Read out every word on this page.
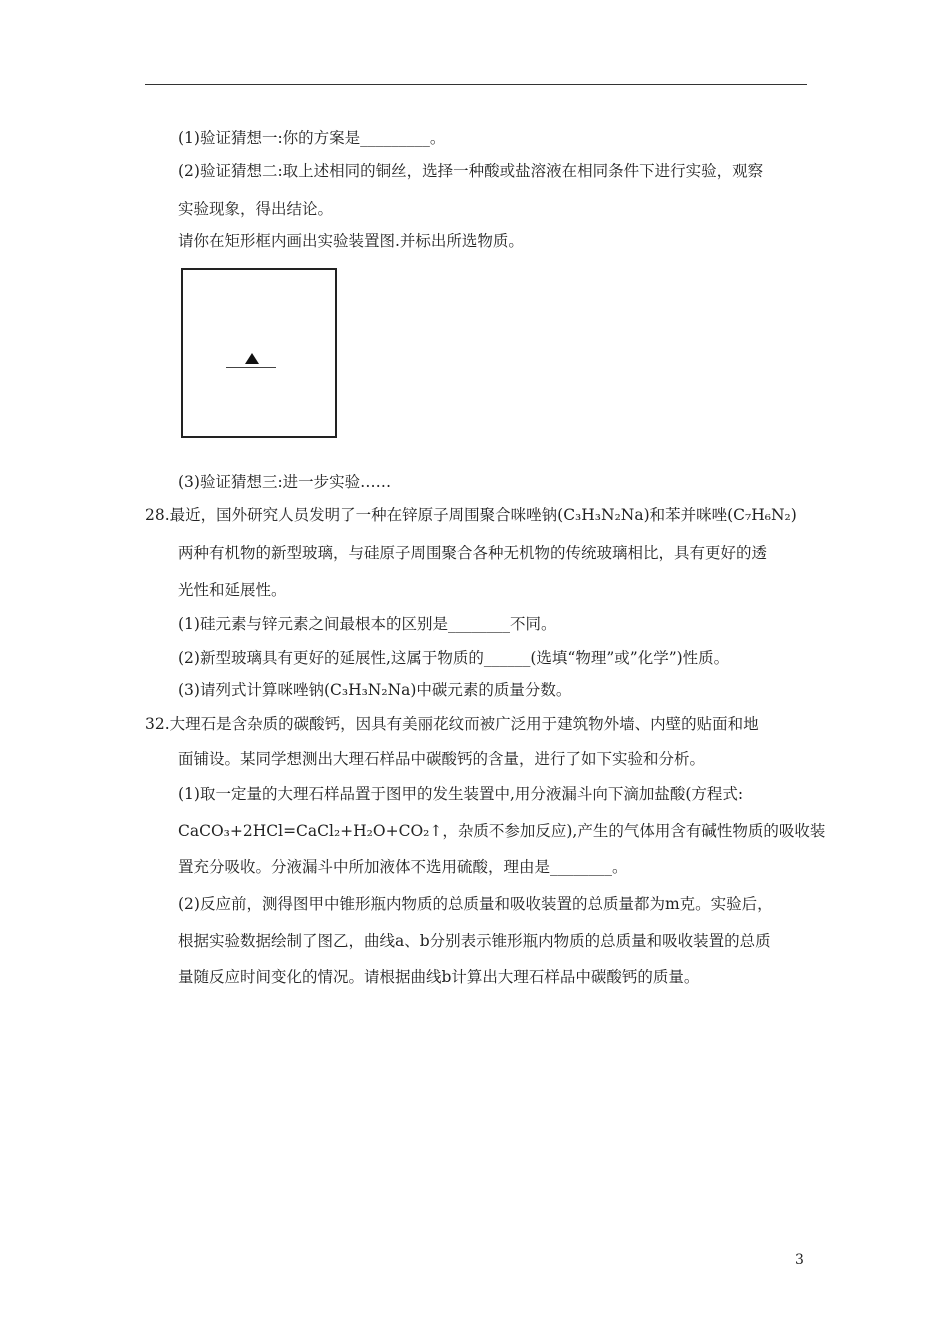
(1)验证猜想一:你的方案是_________。
(2)验证猜想二:取上述相同的铜丝，选择一种酸或盐溶液在相同条件下进行实验，观察
实验现象，得出结论。
请你在矩形框内画出实验装置图.并标出所选物质。
(3)验证猜想三:进一步实验……
28.最近，国外研究人员发明了一种在锌原子周围聚合咪唑钠(C₃H₃N₂Na)和苯并咪唑(C₇H₆N₂)
两种有机物的新型玻璃，与硅原子周围聚合各种无机物的传统玻璃相比，具有更好的透
光性和延展性。
(1)硅元素与锌元素之间最根本的区别是________不同。
(2)新型玻璃具有更好的延展性,这属于物质的______(选填“物理”或”化学”)性质。
(3)请列式计算咪唑钠(C₃H₃N₂Na)中碳元素的质量分数。
32.大理石是含杂质的碳酸钙，因具有美丽花纹而被广泛用于建筑物外墙、内壁的贴面和地
面铺设。某同学想测出大理石样品中碳酸钙的含量，进行了如下实验和分析。
(1)取一定量的大理石样品置于图甲的发生装置中,用分液漏斗向下滴加盐酸(方程式:
CaCO₃+2HCl=CaCl₂+H₂O+CO₂↑，杂质不参加反应),产生的气体用含有碱性物质的吸收装
置充分吸收。分液漏斗中所加液体不选用硫酸，理由是________。
(2)反应前，测得图甲中锥形瓶内物质的总质量和吸收装置的总质量都为m克。实验后，
根据实验数据绘制了图乙，曲线a、b分别表示锥形瓶内物质的总质量和吸收装置的总质
量随反应时间变化的情况。请根据曲线b计算出大理石样品中碳酸钙的质量。
3
